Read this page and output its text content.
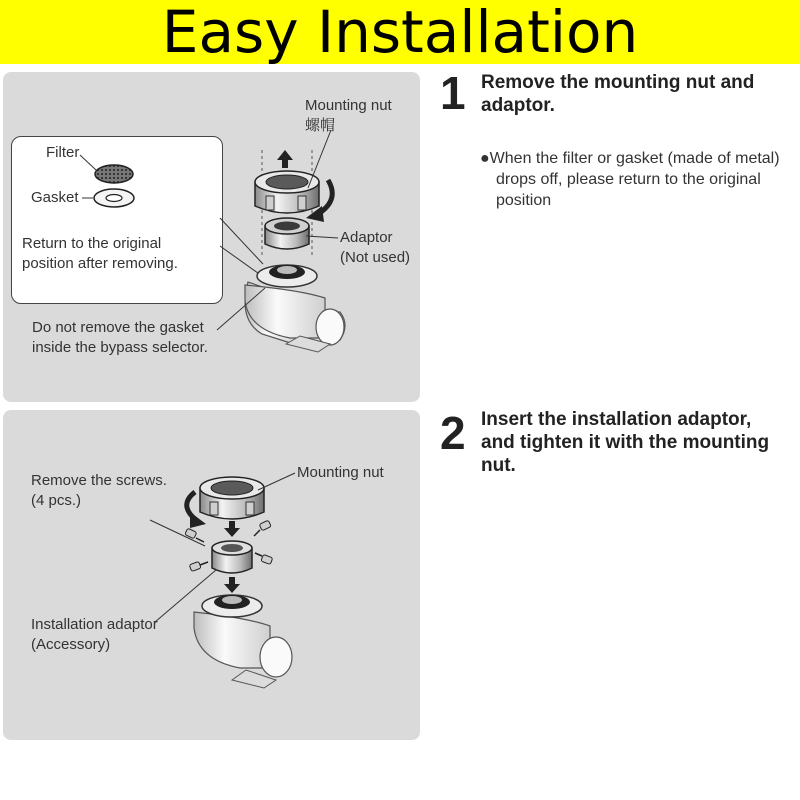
Easy Installation
Filter
Gasket
Return to the original
position after removing.
Mounting nut
螺帽
Adaptor
(Not used)
Do not remove the gasket
inside the bypass selector.
Remove the screws.
(4 pcs.)
Mounting nut
Installation adaptor
(Accessory)
1 Remove the mounting nut and
adaptor.
●When the filter or gasket (made of metal) drops off, please return to the original position
2 Insert the installation adaptor,
and tighten it with the mounting
nut.
